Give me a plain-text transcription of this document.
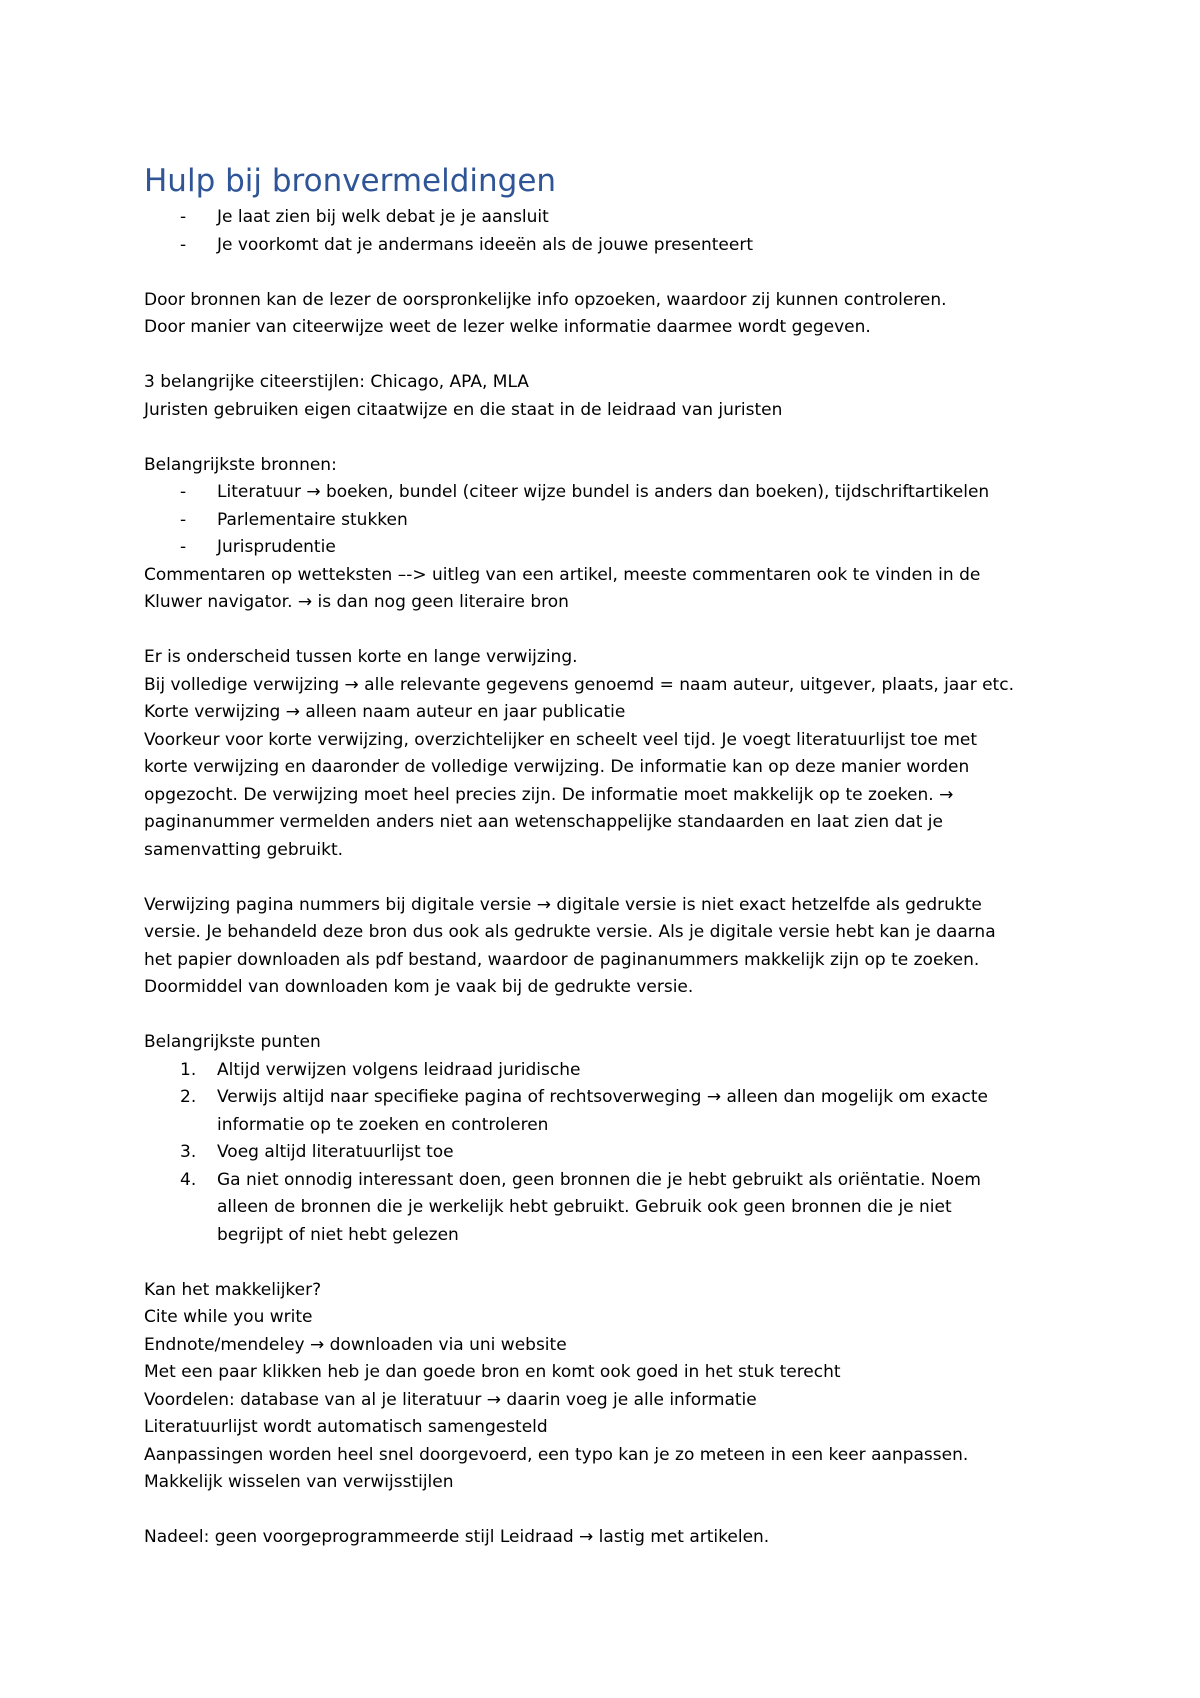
Hulp bij bronvermeldingen
- Je laat zien bij welk debat je je aansluit
- Je voorkomt dat je andermans ideeën als de jouwe presenteert

Door bronnen kan de lezer de oorspronkelijke info opzoeken, waardoor zij kunnen controleren.

Door manier van citeerwijze weet de lezer welke informatie daarmee wordt gegeven.

3 belangrijke citeerstijlen: Chicago, APA, MLA

Juristen gebruiken eigen citaatwijze en die staat in de leidraad van juristen

Belangrijkste bronnen:

- Literatuur → boeken, bundel (citeer wijze bundel is anders dan boeken), tijdschriftartikelen
- Parlementaire stukken
- Jurisprudentie

Commentaren op wetteksten –-> uitleg van een artikel, meeste commentaren ook te vinden in de

Kluwer navigator. → is dan nog geen literaire bron

Er is onderscheid tussen korte en lange verwijzing.

Bij volledige verwijzing → alle relevante gegevens genoemd = naam auteur, uitgever, plaats, jaar etc.

Korte verwijzing → alleen naam auteur en jaar publicatie

Voorkeur voor korte verwijzing, overzichtelijker en scheelt veel tijd. Je voegt literatuurlijst toe met

korte verwijzing en daaronder de volledige verwijzing. De informatie kan op deze manier worden

opgezocht. De verwijzing moet heel precies zijn. De informatie moet makkelijk op te zoeken. →

paginanummer vermelden anders niet aan wetenschappelijke standaarden en laat zien dat je

samenvatting gebruikt.

Verwijzing pagina nummers bij digitale versie → digitale versie is niet exact hetzelfde als gedrukte

versie. Je behandeld deze bron dus ook als gedrukte versie. Als je digitale versie hebt kan je daarna

het papier downloaden als pdf bestand, waardoor de paginanummers makkelijk zijn op te zoeken.

Doormiddel van downloaden kom je vaak bij de gedrukte versie.

Belangrijkste punten

1. Altijd verwijzen volgens leidraad juridische

2. Verwijs altijd naar specifieke pagina of rechtsoverweging → alleen dan mogelijk om exacte

informatie op te zoeken en controleren

3. Voeg altijd literatuurlijst toe

4. Ga niet onnodig interessant doen, geen bronnen die je hebt gebruikt als oriëntatie. Noem

alleen de bronnen die je werkelijk hebt gebruikt. Gebruik ook geen bronnen die je niet

begrijpt of niet hebt gelezen

Kan het makkelijker?

Cite while you write

Endnote/mendeley → downloaden via uni website

Met een paar klikken heb je dan goede bron en komt ook goed in het stuk terecht

Voordelen: database van al je literatuur → daarin voeg je alle informatie

Literatuurlijst wordt automatisch samengesteld

Aanpassingen worden heel snel doorgevoerd, een typo kan je zo meteen in een keer aanpassen.

Makkelijk wisselen van verwijsstijlen

Nadeel: geen voorgeprogrammeerde stijl Leidraad → lastig met artikelen.
